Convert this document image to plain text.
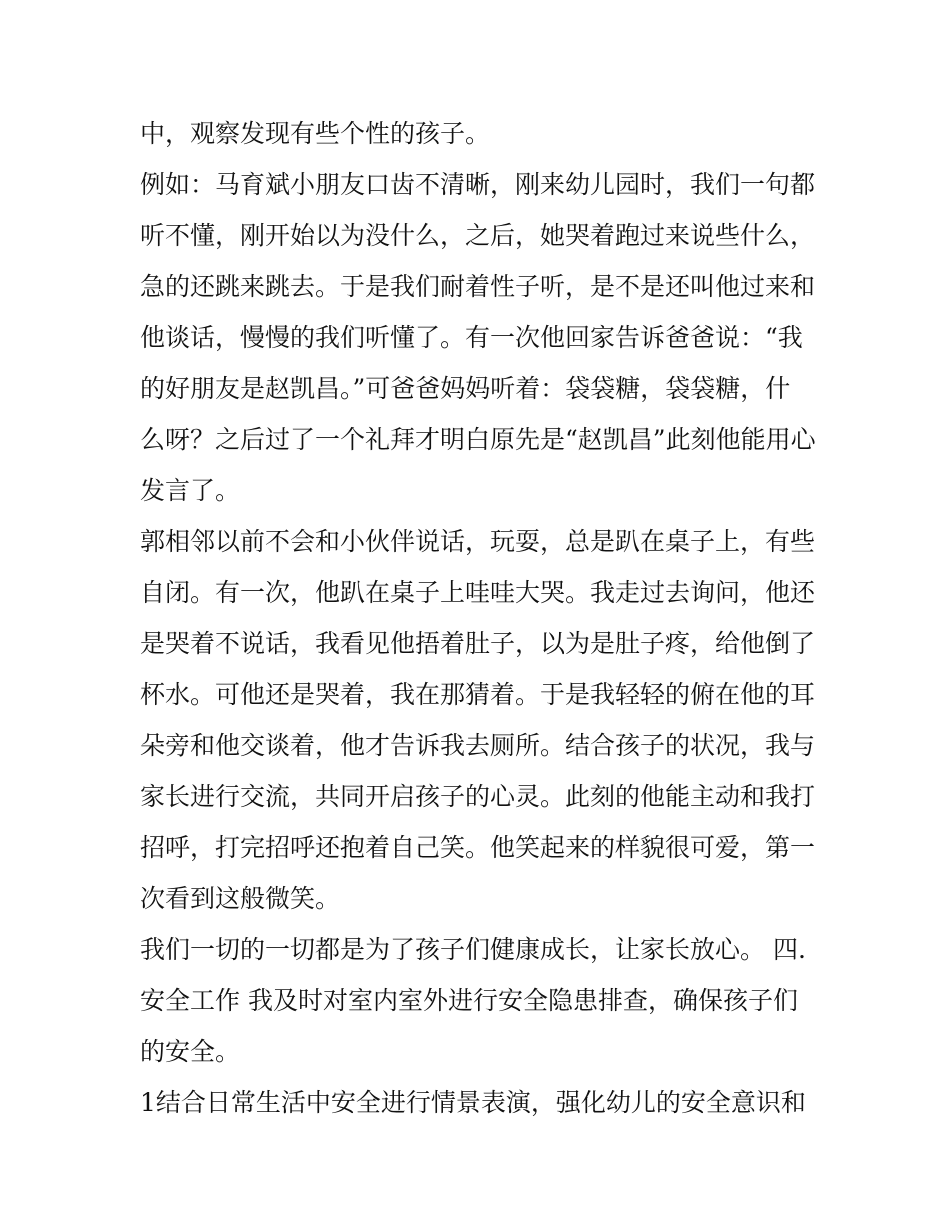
中，观察发现有些个性的孩子。
例如：马育斌小朋友口齿不清晰，刚来幼儿园时，我们一句都
听不懂，刚开始以为没什么，之后，她哭着跑过来说些什么，
急的还跳来跳去。于是我们耐着性子听，是不是还叫他过来和
他谈话，慢慢的我们听懂了。有一次他回家告诉爸爸说：“我
的好朋友是赵凯昌。”可爸爸妈妈听着：袋袋糖，袋袋糖，什
么呀？之后过了一个礼拜才明白原先是“赵凯昌”此刻他能用心
发言了。
郭相邻以前不会和小伙伴说话，玩耍，总是趴在桌子上，有些
自闭。有一次，他趴在桌子上哇哇大哭。我走过去询问，他还
是哭着不说话，我看见他捂着肚子，以为是肚子疼，给他倒了
杯水。可他还是哭着，我在那猜着。于是我轻轻的俯在他的耳
朵旁和他交谈着，他才告诉我去厕所。结合孩子的状况，我与
家长进行交流，共同开启孩子的心灵。此刻的他能主动和我打
招呼，打完招呼还抱着自己笑。他笑起来的样貌很可爱，第一
次看到这般微笑。
我们一切的一切都是为了孩子们健康成长，让家长放心。 四.
安全工作 我及时对室内室外进行安全隐患排查，确保孩子们
的安全。
1结合日常生活中安全进行情景表演，强化幼儿的安全意识和
